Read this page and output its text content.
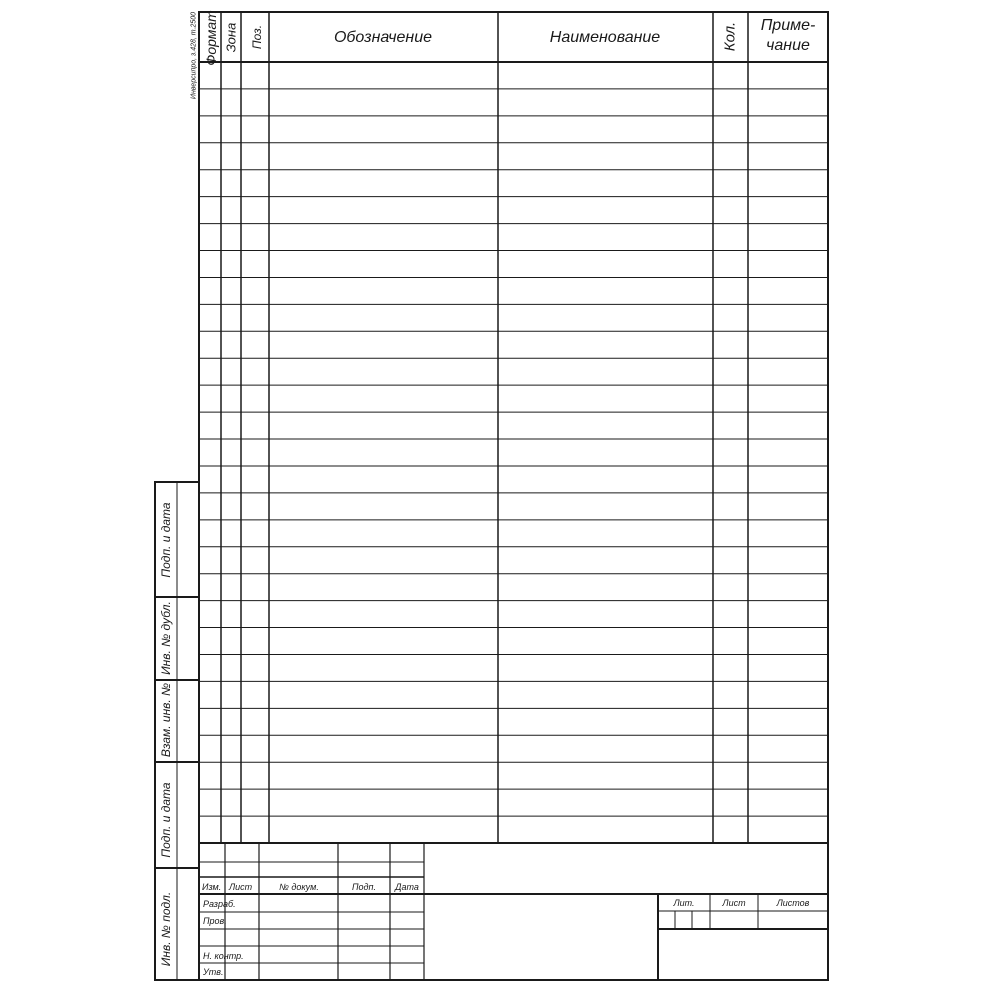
Инверсипро, з.428, т.2500 Формат Зона Поз.	Обозначение	Наименование	Кол.	Приме-
чание
Подп. и дата
Инв. № дубл.
Взам. инв. №
Подп. и дата
Инв. № подл.
Изм. Лист	№ докум.	Подп.	Дата
Разраб.
Пров.
Н. контр.
Утв.
Лит.	Лист	Листов
